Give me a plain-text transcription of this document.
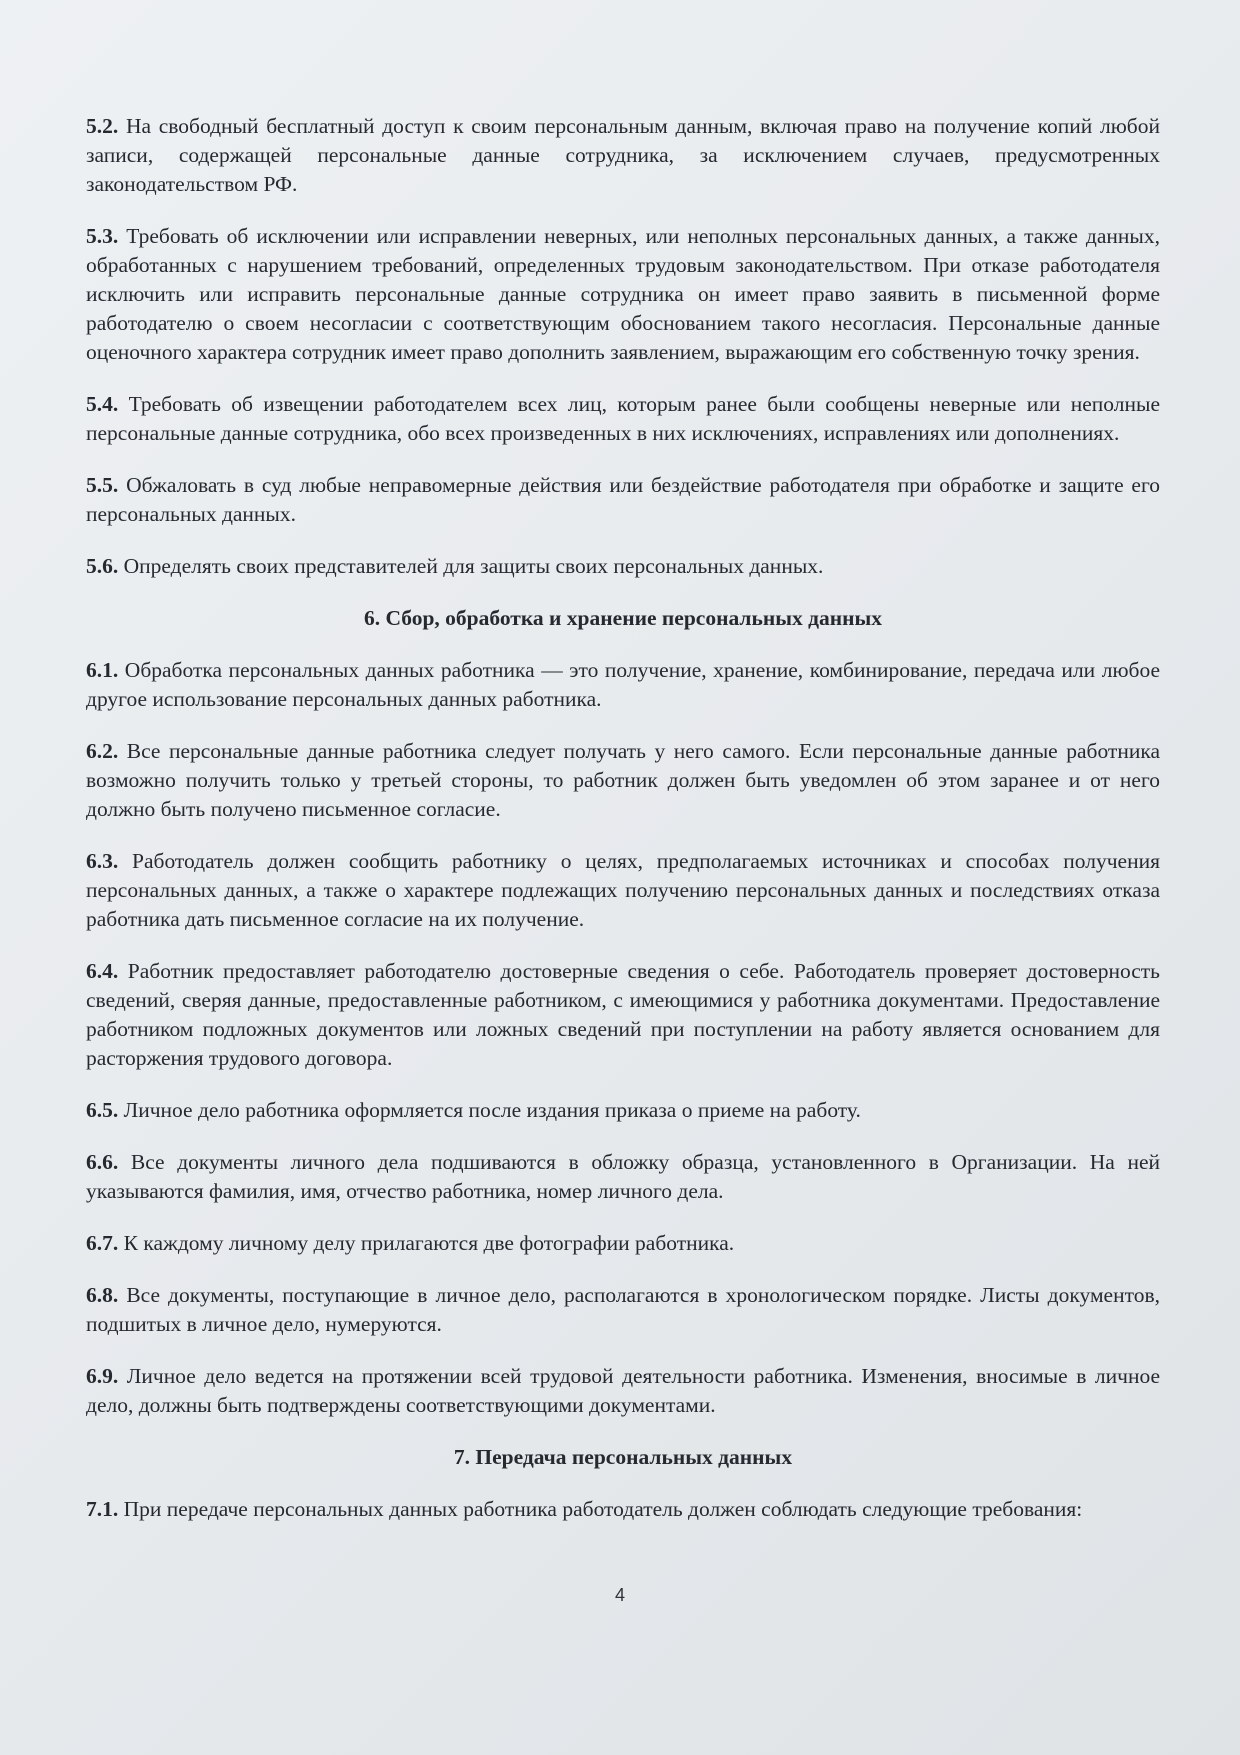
5.2. На свободный бесплатный доступ к своим персональным данным, включая право на получение копий любой записи, содержащей персональные данные сотрудника, за исключением случаев, предусмотренных законодательством РФ.
5.3. Требовать об исключении или исправлении неверных, или неполных персональных данных, а также данных, обработанных с нарушением требований, определенных трудовым законодательством. При отказе работодателя исключить или исправить персональные данные сотрудника он имеет право заявить в письменной форме работодателю о своем несогласии с соответствующим обоснованием такого несогласия. Персональные данные оценочного характера сотрудник имеет право дополнить заявлением, выражающим его собственную точку зрения.
5.4. Требовать об извещении работодателем всех лиц, которым ранее были сообщены неверные или неполные персональные данные сотрудника, обо всех произведенных в них исключениях, исправлениях или дополнениях.
5.5. Обжаловать в суд любые неправомерные действия или бездействие работодателя при обработке и защите его персональных данных.
5.6. Определять своих представителей для защиты своих персональных данных.
6. Сбор, обработка и хранение персональных данных
6.1. Обработка персональных данных работника — это получение, хранение, комбинирование, передача или любое другое использование персональных данных работника.
6.2. Все персональные данные работника следует получать у него самого. Если персональные данные работника возможно получить только у третьей стороны, то работник должен быть уведомлен об этом заранее и от него должно быть получено письменное согласие.
6.3. Работодатель должен сообщить работнику о целях, предполагаемых источниках и способах получения персональных данных, а также о характере подлежащих получению персональных данных и последствиях отказа работника дать письменное согласие на их получение.
6.4. Работник предоставляет работодателю достоверные сведения о себе. Работодатель проверяет достоверность сведений, сверяя данные, предоставленные работником, с имеющимися у работника документами. Предоставление работником подложных документов или ложных сведений при поступлении на работу является основанием для расторжения трудового договора.
6.5. Личное дело работника оформляется после издания приказа о приеме на работу.
6.6. Все документы личного дела подшиваются в обложку образца, установленного в Организации. На ней указываются фамилия, имя, отчество работника, номер личного дела.
6.7. К каждому личному делу прилагаются две фотографии работника.
6.8. Все документы, поступающие в личное дело, располагаются в хронологическом порядке. Листы документов, подшитых в личное дело, нумеруются.
6.9. Личное дело ведется на протяжении всей трудовой деятельности работника. Изменения, вносимые в личное дело, должны быть подтверждены соответствующими документами.
7. Передача персональных данных
7.1. При передаче персональных данных работника работодатель должен соблюдать следующие требования:
4
